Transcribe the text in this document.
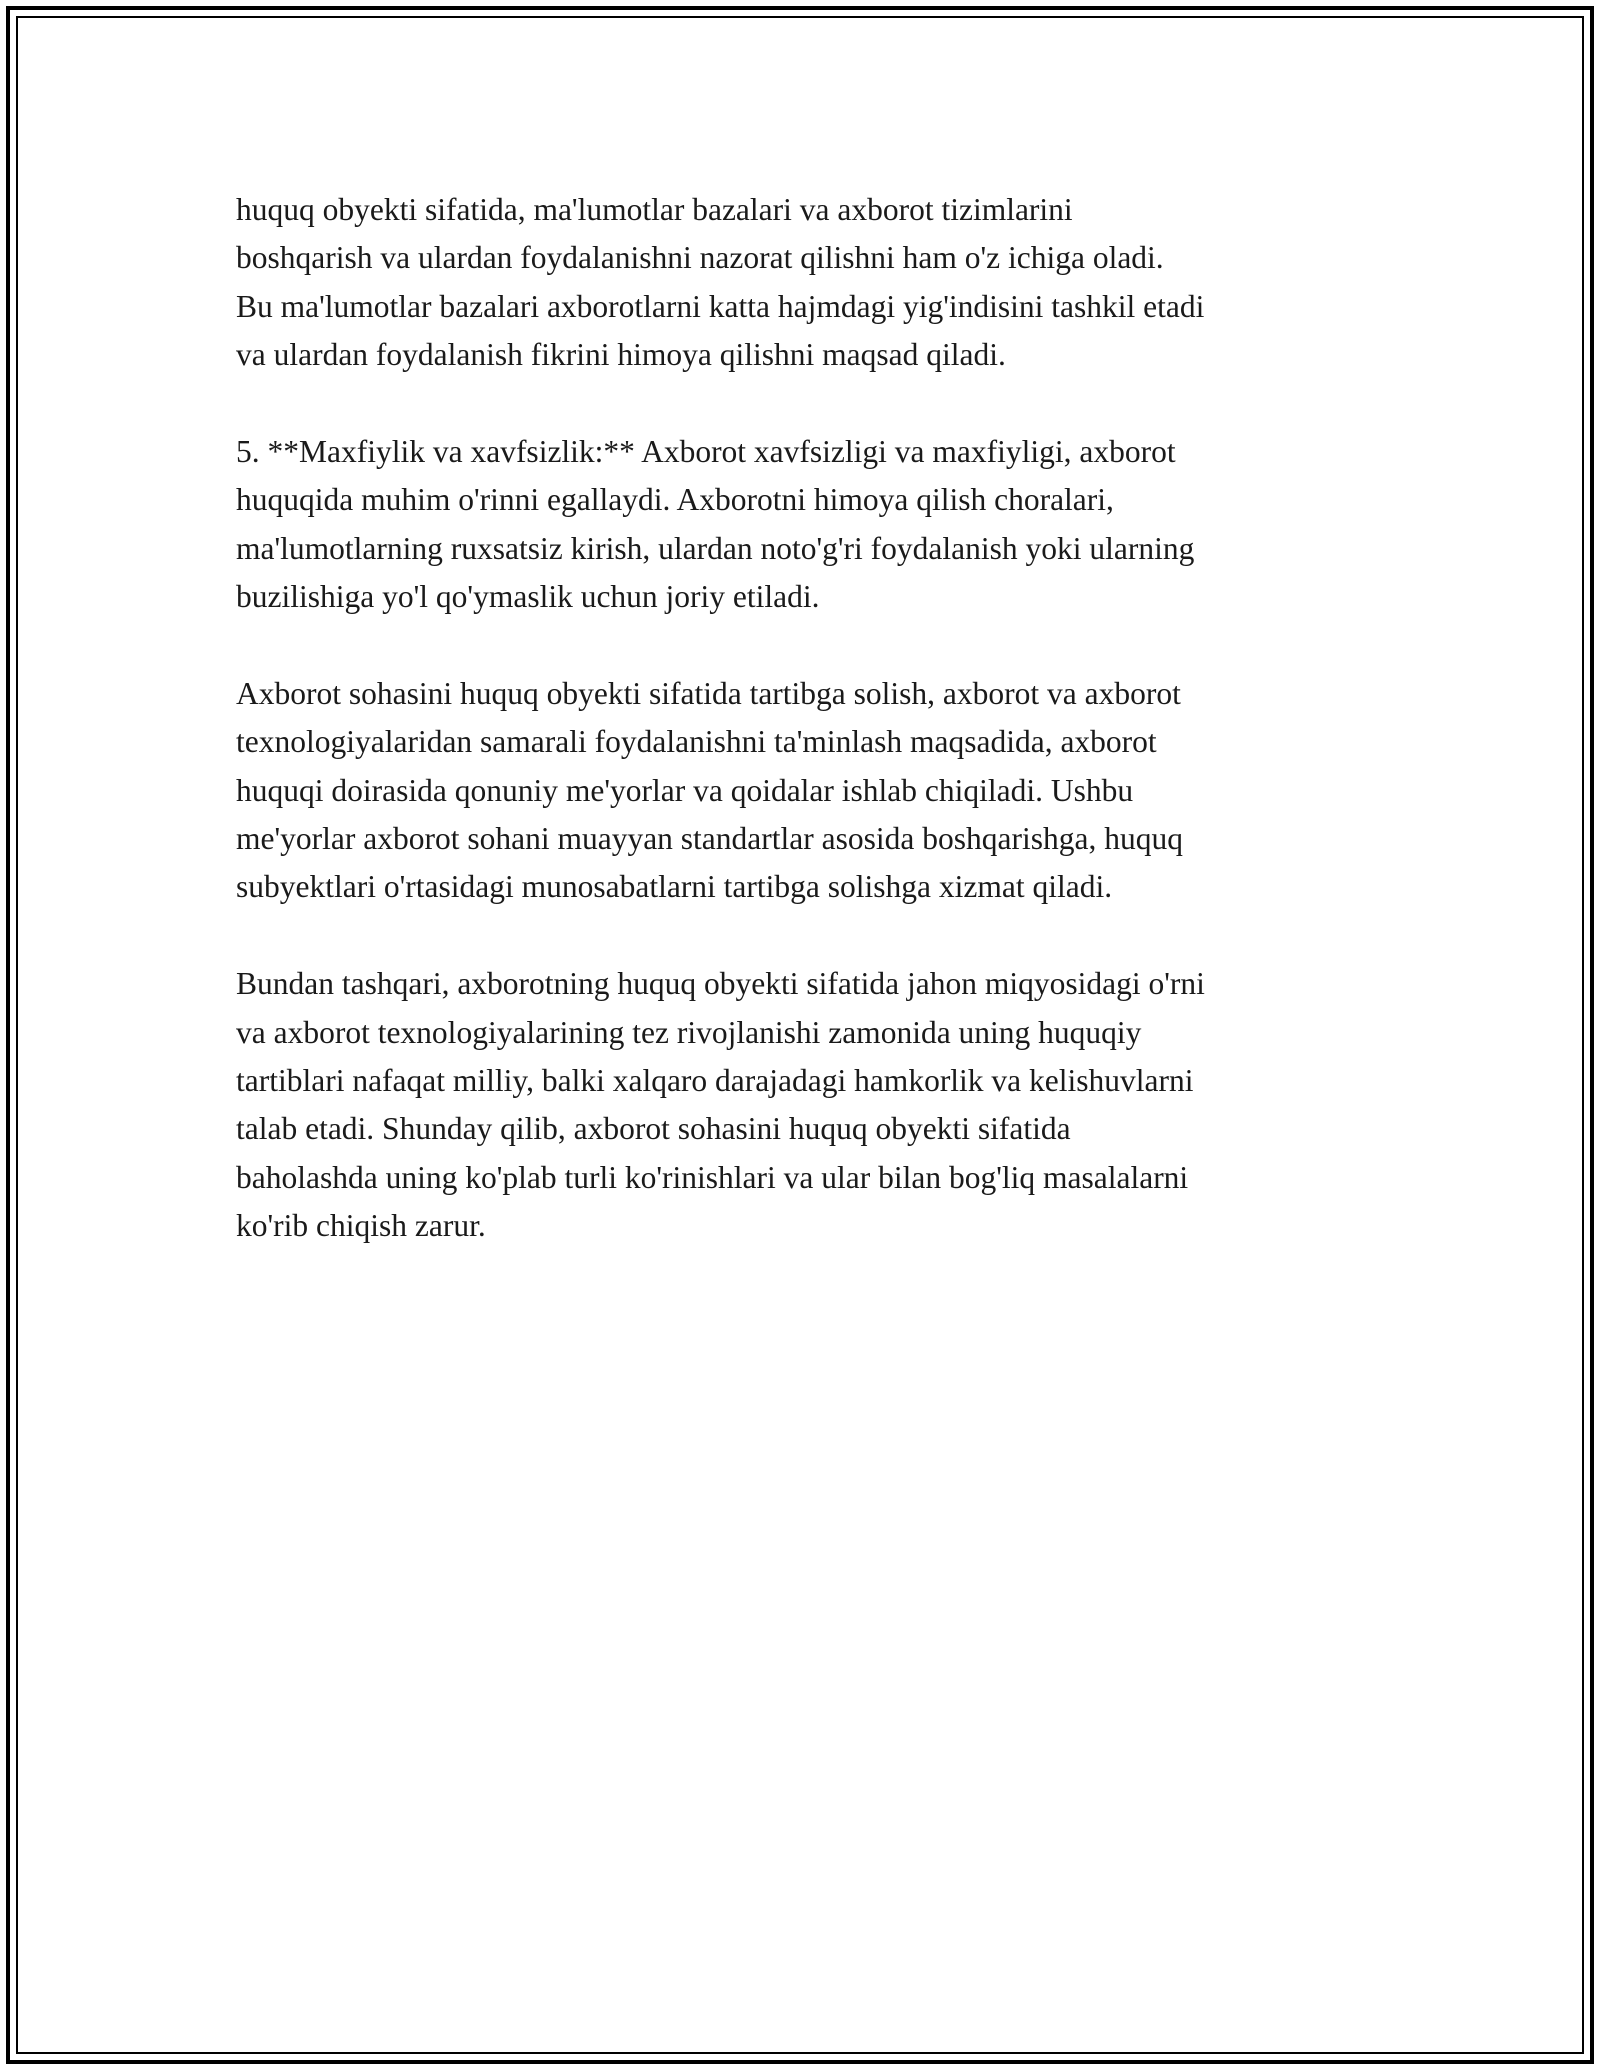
huquq obyekti sifatida, ma'lumotlar bazalari va axborot tizimlarini
boshqarish va ulardan foydalanishni nazorat qilishni ham o'z ichiga oladi.
Bu ma'lumotlar bazalari axborotlarni katta hajmdagi yig'indisini tashkil etadi
va ulardan foydalanish fikrini himoya qilishni maqsad qiladi.
5. **Maxfiylik va xavfsizlik:** Axborot xavfsizligi va maxfiyligi, axborot
huquqida muhim o'rinni egallaydi. Axborotni himoya qilish choralari,
ma'lumotlarning ruxsatsiz kirish, ulardan noto'g'ri foydalanish yoki ularning
buzilishiga yo'l qo'ymaslik uchun joriy etiladi.
Axborot sohasini huquq obyekti sifatida tartibga solish, axborot va axborot
texnologiyalaridan samarali foydalanishni ta'minlash maqsadida, axborot
huquqi doirasida qonuniy me'yorlar va qoidalar ishlab chiqiladi. Ushbu
me'yorlar axborot sohani muayyan standartlar asosida boshqarishga, huquq
subyektlari o'rtasidagi munosabatlarni tartibga solishga xizmat qiladi.
Bundan tashqari, axborotning huquq obyekti sifatida jahon miqyosidagi o'rni
va axborot texnologiyalarining tez rivojlanishi zamonida uning huquqiy
tartiblari nafaqat milliy, balki xalqaro darajadagi hamkorlik va kelishuvlarni
talab etadi. Shunday qilib, axborot sohasini huquq obyekti sifatida
baholashda uning ko'plab turli ko'rinishlari va ular bilan bog'liq masalalarni
ko'rib chiqish zarur.
